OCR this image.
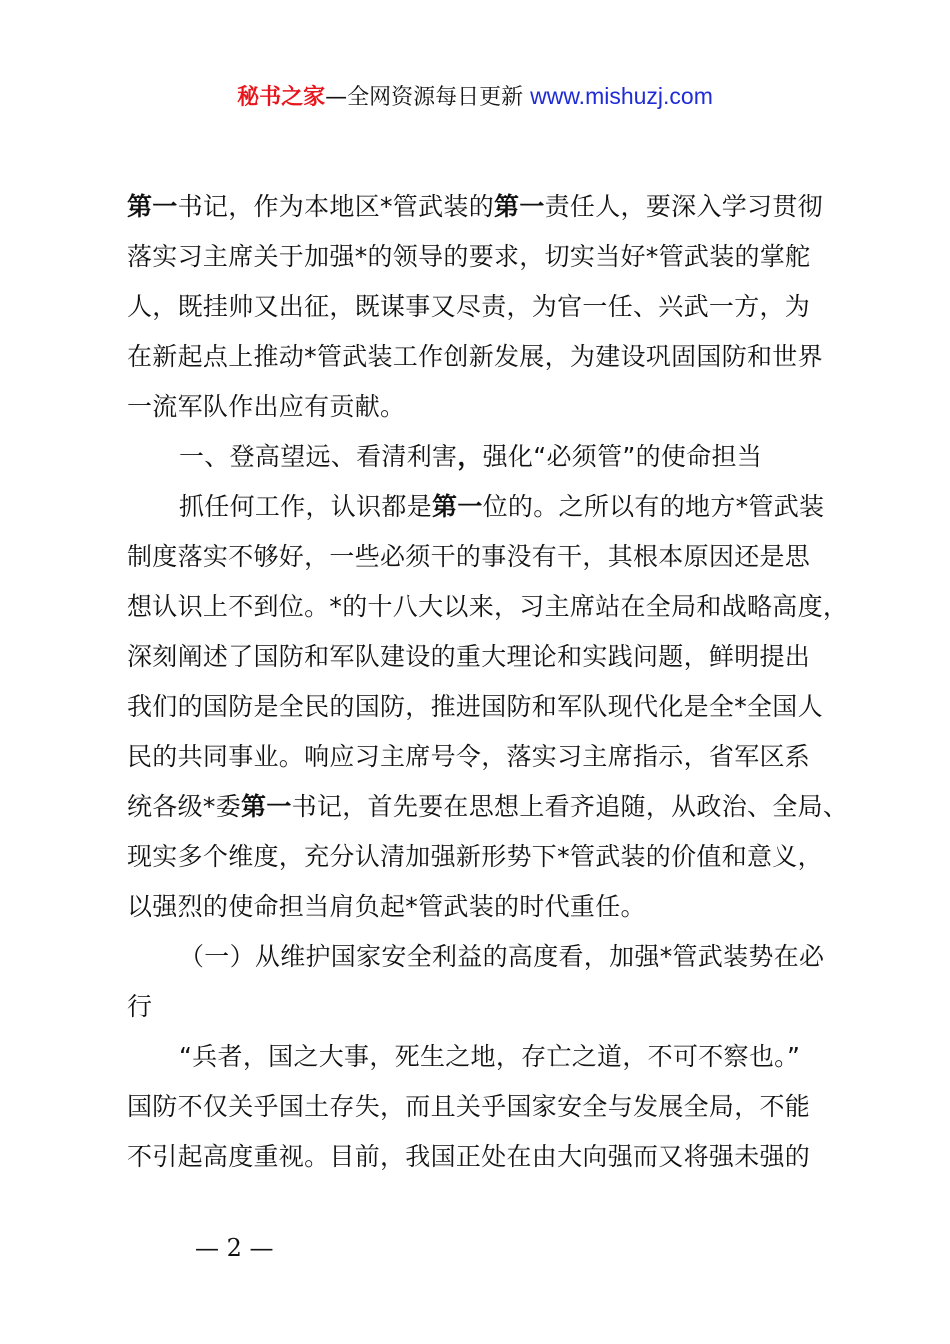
秘书之家—全网资源每日更新 www.mishuzj.com
第一书记，作为本地区*管武装的第一责任人，要深入学习贯彻
落实习主席关于加强*的领导的要求，切实当好*管武装的掌舵
人，既挂帅又出征，既谋事又尽责，为官一任、兴武一方，为
在新起点上推动*管武装工作创新发展，为建设巩固国防和世界
一流军队作出应有贡献。
一、登高望远、看清利害，强化“必须管”的使命担当
抓任何工作，认识都是第一位的。之所以有的地方*管武装
制度落实不够好，一些必须干的事没有干，其根本原因还是思
想认识上不到位。*的十八大以来，习主席站在全局和战略高度，
深刻阐述了国防和军队建设的重大理论和实践问题，鲜明提出
我们的国防是全民的国防，推进国防和军队现代化是全*全国人
民的共同事业。响应习主席号令，落实习主席指示，省军区系
统各级*委第一书记，首先要在思想上看齐追随，从政治、全局、
现实多个维度，充分认清加强新形势下*管武装的价值和意义，
以强烈的使命担当肩负起*管武装的时代重任。
（一）从维护国家安全利益的高度看，加强*管武装势在必
行
“兵者，国之大事，死生之地，存亡之道，不可不察也。”
国防不仅关乎国土存失，而且关乎国家安全与发展全局，不能
不引起高度重视。目前，我国正处在由大向强而又将强未强的
— 2 —
